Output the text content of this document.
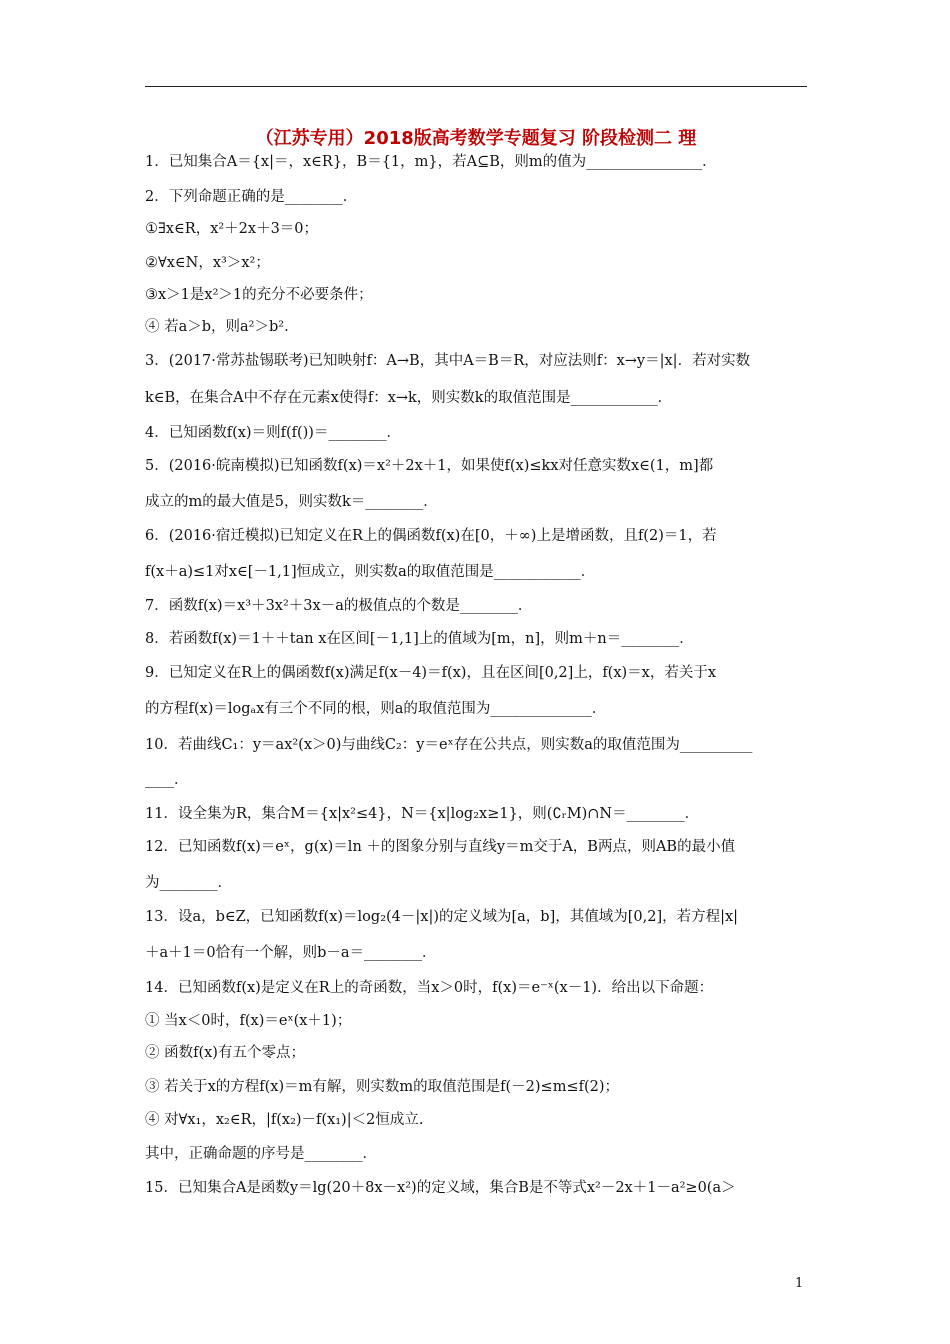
（江苏专用）2018版高考数学专题复习 阶段检测二 理
1．已知集合A＝{x|＝，x∈R}，B＝{1，m}，若A⊆B，则m的值为________________．
2．下列命题正确的是________．
①∃x∈R，x²＋2x＋3＝0；
②∀x∈N，x³＞x²；
③x＞1是x²＞1的充分不必要条件；
④ 若a＞b，则a²＞b².
3．(2017·常苏盐锡联考)已知映射f：A→B，其中A＝B＝R，对应法则f：x→y＝|x|．若对实数
k∈B，在集合A中不存在元素x使得f：x→k，则实数k的取值范围是____________．
4．已知函数f(x)＝则f(f())＝________．
5．(2016·皖南模拟)已知函数f(x)＝x²＋2x＋1，如果使f(x)≤kx对任意实数x∈(1，m]都
成立的m的最大值是5，则实数k＝________．
6．(2016·宿迁模拟)已知定义在R上的偶函数f(x)在[0，＋∞)上是增函数，且f(2)＝1，若
f(x＋a)≤1对x∈[－1,1]恒成立，则实数a的取值范围是____________．
7．函数f(x)＝x³＋3x²＋3x－a的极值点的个数是________．
8．若函数f(x)＝1＋＋tan x在区间[－1,1]上的值域为[m，n]，则m＋n＝________．
9．已知定义在R上的偶函数f(x)满足f(x－4)＝f(x)，且在区间[0,2]上，f(x)＝x，若关于x
的方程f(x)＝logₐx有三个不同的根，则a的取值范围为______________．
10．若曲线C₁：y＝ax²(x＞0)与曲线C₂：y＝eˣ存在公共点，则实数a的取值范围为__________
____．
11．设全集为R，集合M＝{x|x²≤4}，N＝{x|log₂x≥1}，则(∁ᵣM)∩N＝________．
12．已知函数f(x)＝eˣ，g(x)＝ln ＋的图象分别与直线y＝m交于A，B两点，则AB的最小值
为________．
13．设a，b∈Z，已知函数f(x)＝log₂(4－|x|)的定义域为[a，b]，其值域为[0,2]，若方程|x|
＋a＋1＝0恰有一个解，则b－a＝________．
14．已知函数f(x)是定义在R上的奇函数，当x＞0时，f(x)＝e⁻ˣ(x－1)．给出以下命题：
① 当x＜0时，f(x)＝eˣ(x＋1)；
② 函数f(x)有五个零点；
③ 若关于x的方程f(x)＝m有解，则实数m的取值范围是f(－2)≤m≤f(2)；
④ 对∀x₁，x₂∈R，|f(x₂)－f(x₁)|＜2恒成立.
其中，正确命题的序号是________．
15．已知集合A是函数y＝lg(20＋8x－x²)的定义域，集合B是不等式x²－2x＋1－a²≥0(a＞
1
